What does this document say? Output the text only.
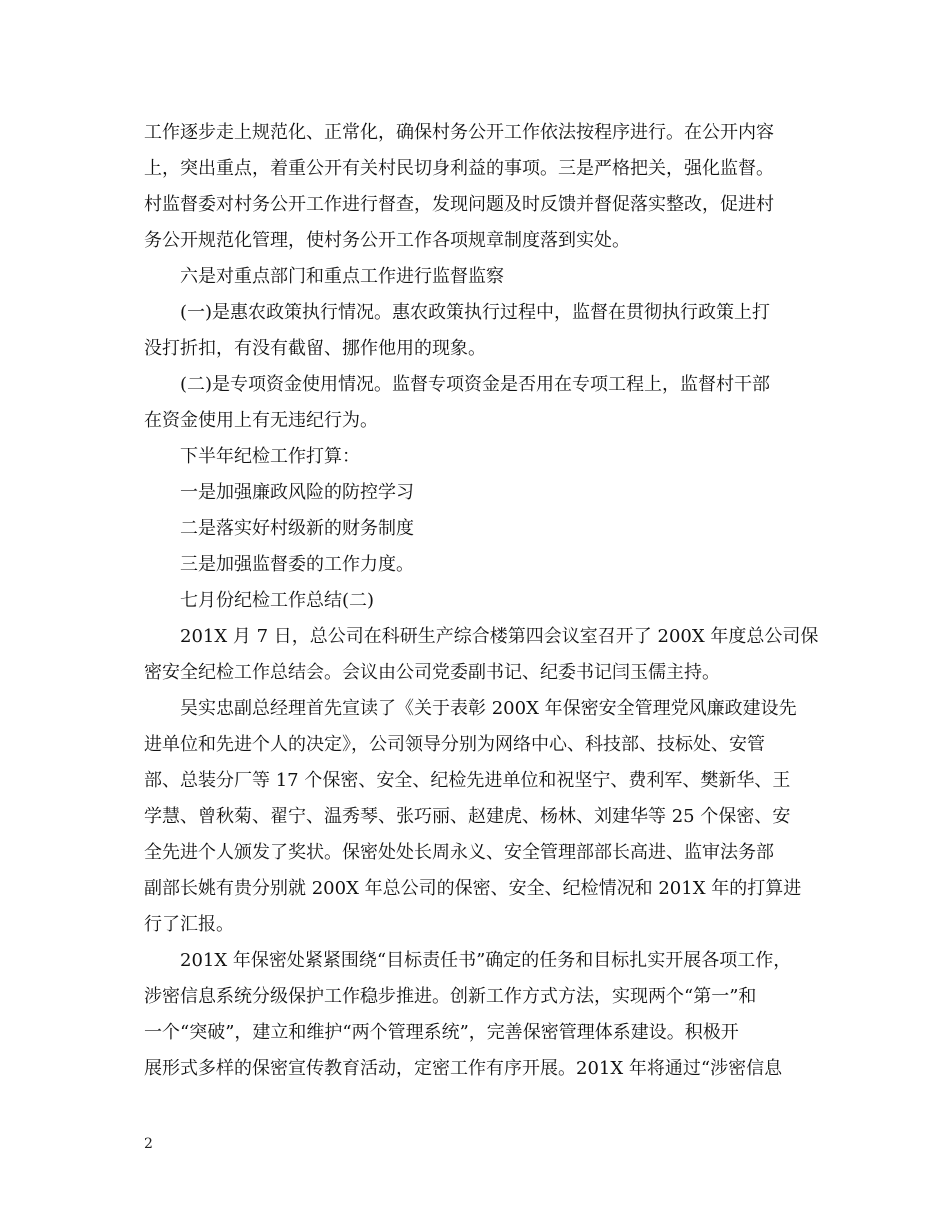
工作逐步走上规范化、正常化，确保村务公开工作依法按程序进行。在公开内容
上，突出重点，着重公开有关村民切身利益的事项。三是严格把关，强化监督。
村监督委对村务公开工作进行督查，发现问题及时反馈并督促落实整改，促进村
务公开规范化管理，使村务公开工作各项规章制度落到实处。
六是对重点部门和重点工作进行监督监察
(一)是惠农政策执行情况。惠农政策执行过程中，监督在贯彻执行政策上打
没打折扣，有没有截留、挪作他用的现象。
(二)是专项资金使用情况。监督专项资金是否用在专项工程上，监督村干部
在资金使用上有无违纪行为。
下半年纪检工作打算：
一是加强廉政风险的防控学习
二是落实好村级新的财务制度
三是加强监督委的工作力度。
七月份纪检工作总结(二)
201X 月 7 日，总公司在科研生产综合楼第四会议室召开了 200X 年度总公司保
密安全纪检工作总结会。会议由公司党委副书记、纪委书记闫玉儒主持。
吴实忠副总经理首先宣读了《关于表彰 200X 年保密安全管理党风廉政建设先
进单位和先进个人的决定》，公司领导分别为网络中心、科技部、技标处、安管
部、总装分厂等 17 个保密、安全、纪检先进单位和祝坚宁、费利军、樊新华、王
学慧、曾秋菊、翟宁、温秀琴、张巧丽、赵建虎、杨林、刘建华等 25 个保密、安
全先进个人颁发了奖状。保密处处长周永义、安全管理部部长高进、监审法务部
副部长姚有贵分别就 200X 年总公司的保密、安全、纪检情况和 201X 年的打算进
行了汇报。
201X 年保密处紧紧围绕“目标责任书”确定的任务和目标扎实开展各项工作，
涉密信息系统分级保护工作稳步推进。创新工作方式方法，实现两个“第一”和
一个“突破”，建立和维护“两个管理系统”，完善保密管理体系建设。积极开
展形式多样的保密宣传教育活动，定密工作有序开展。201X 年将通过“涉密信息
2
